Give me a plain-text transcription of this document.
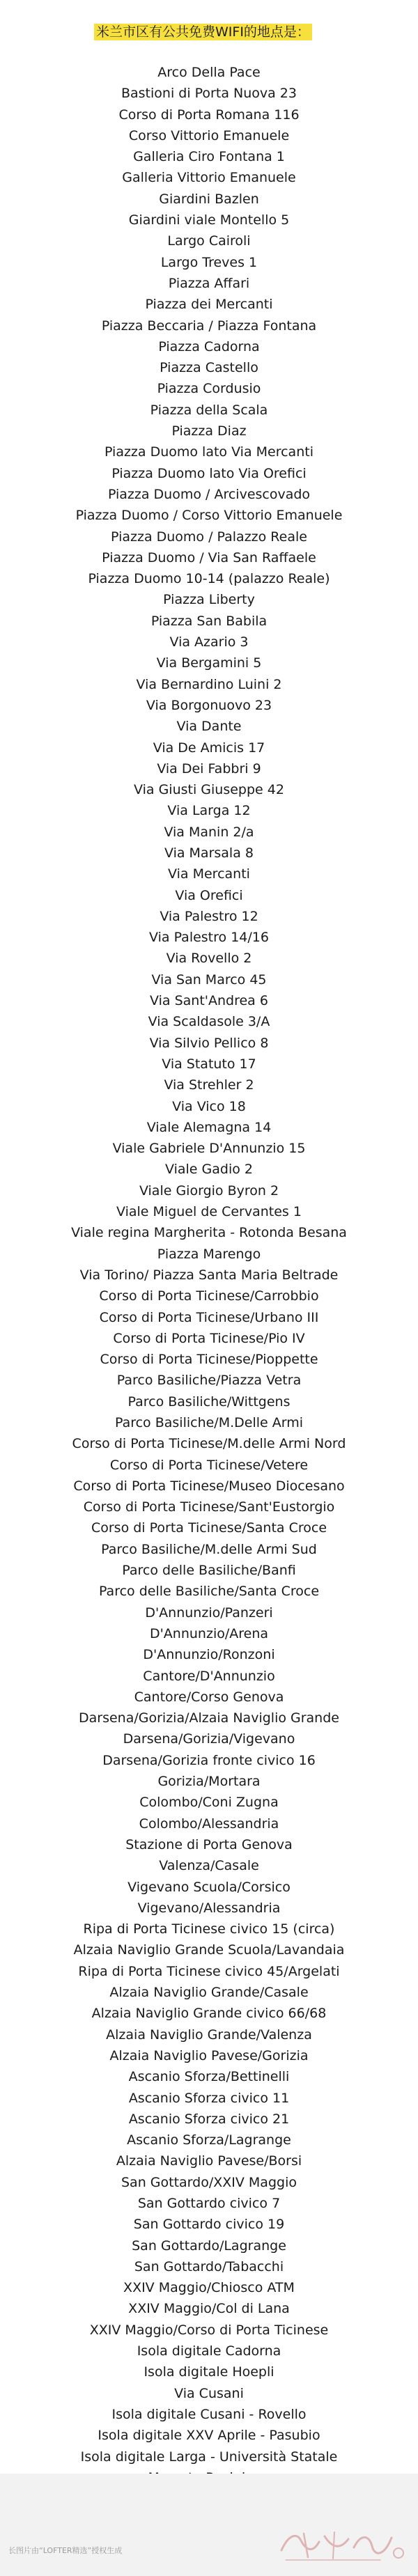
米兰市区有公共免费WIFI的地点是：
Arco Della Pace
Bastioni di Porta Nuova 23
Corso di Porta Romana 116
Corso Vittorio Emanuele
Galleria Ciro Fontana 1
Galleria Vittorio Emanuele
Giardini Bazlen
Giardini viale Montello 5
Largo Cairoli
Largo Treves 1
Piazza Affari
Piazza dei Mercanti
Piazza Beccaria / Piazza Fontana
Piazza Cadorna
Piazza Castello
Piazza Cordusio
Piazza della Scala
Piazza Diaz
Piazza Duomo lato Via Mercanti
Piazza Duomo lato Via Orefici
Piazza Duomo / Arcivescovado
Piazza Duomo / Corso Vittorio Emanuele
Piazza Duomo / Palazzo Reale
Piazza Duomo / Via San Raffaele
Piazza Duomo 10-14 (palazzo Reale)
Piazza Liberty
Piazza San Babila
Via Azario 3
Via Bergamini 5
Via Bernardino Luini 2
Via Borgonuovo 23
Via Dante
Via De Amicis 17
Via Dei Fabbri 9
Via Giusti Giuseppe 42
Via Larga 12
Via Manin 2/a
Via Marsala 8
Via Mercanti
Via Orefici
Via Palestro 12
Via Palestro 14/16
Via Rovello 2
Via San Marco 45
Via Sant'Andrea 6
Via Scaldasole 3/A
Via Silvio Pellico 8
Via Statuto 17
Via Strehler 2
Via Vico 18
Viale Alemagna 14
Viale Gabriele D'Annunzio 15
Viale Gadio 2
Viale Giorgio Byron 2
Viale Miguel de Cervantes 1
Viale regina Margherita - Rotonda Besana
Piazza Marengo
Via Torino/ Piazza Santa Maria Beltrade
Corso di Porta Ticinese/Carrobbio
Corso di Porta Ticinese/Urbano III
Corso di Porta Ticinese/Pio IV
Corso di Porta Ticinese/Pioppette
Parco Basiliche/Piazza Vetra
Parco Basiliche/Wittgens
Parco Basiliche/M.Delle Armi
Corso di Porta Ticinese/M.delle Armi Nord
Corso di Porta Ticinese/Vetere
Corso di Porta Ticinese/Museo Diocesano
Corso di Porta Ticinese/Sant'Eustorgio
Corso di Porta Ticinese/Santa Croce
Parco Basiliche/M.delle Armi Sud
Parco delle Basiliche/Banfi
Parco delle Basiliche/Santa Croce
D'Annunzio/Panzeri
D'Annunzio/Arena
D'Annunzio/Ronzoni
Cantore/D'Annunzio
Cantore/Corso Genova
Darsena/Gorizia/Alzaia Naviglio Grande
Darsena/Gorizia/Vigevano
Darsena/Gorizia fronte civico 16
Gorizia/Mortara
Colombo/Coni Zugna
Colombo/Alessandria
Stazione di Porta Genova
Valenza/Casale
Vigevano Scuola/Corsico
Vigevano/Alessandria
Ripa di Porta Ticinese civico 15 (circa)
Alzaia Naviglio Grande Scuola/Lavandaia
Ripa di Porta Ticinese civico 45/Argelati
Alzaia Naviglio Grande/Casale
Alzaia Naviglio Grande civico 66/68
Alzaia Naviglio Grande/Valenza
Alzaia Naviglio Pavese/Gorizia
Ascanio Sforza/Bettinelli
Ascanio Sforza civico 11
Ascanio Sforza civico 21
Ascanio Sforza/Lagrange
Alzaia Naviglio Pavese/Borsi
San Gottardo/XXIV Maggio
San Gottardo civico 7
San Gottardo civico 19
San Gottardo/Lagrange
San Gottardo/Tabacchi
XXIV Maggio/Chiosco ATM
XXIV Maggio/Col di Lana
XXIV Maggio/Corso di Porta Ticinese
Isola digitale Cadorna
Isola digitale Hoepli
Via Cusani
Isola digitale Cusani - Rovello
Isola digitale XXV Aprile - Pasubio
Isola digitale Larga - Università Statale
长图片由“LOFTER精选”授权生成
